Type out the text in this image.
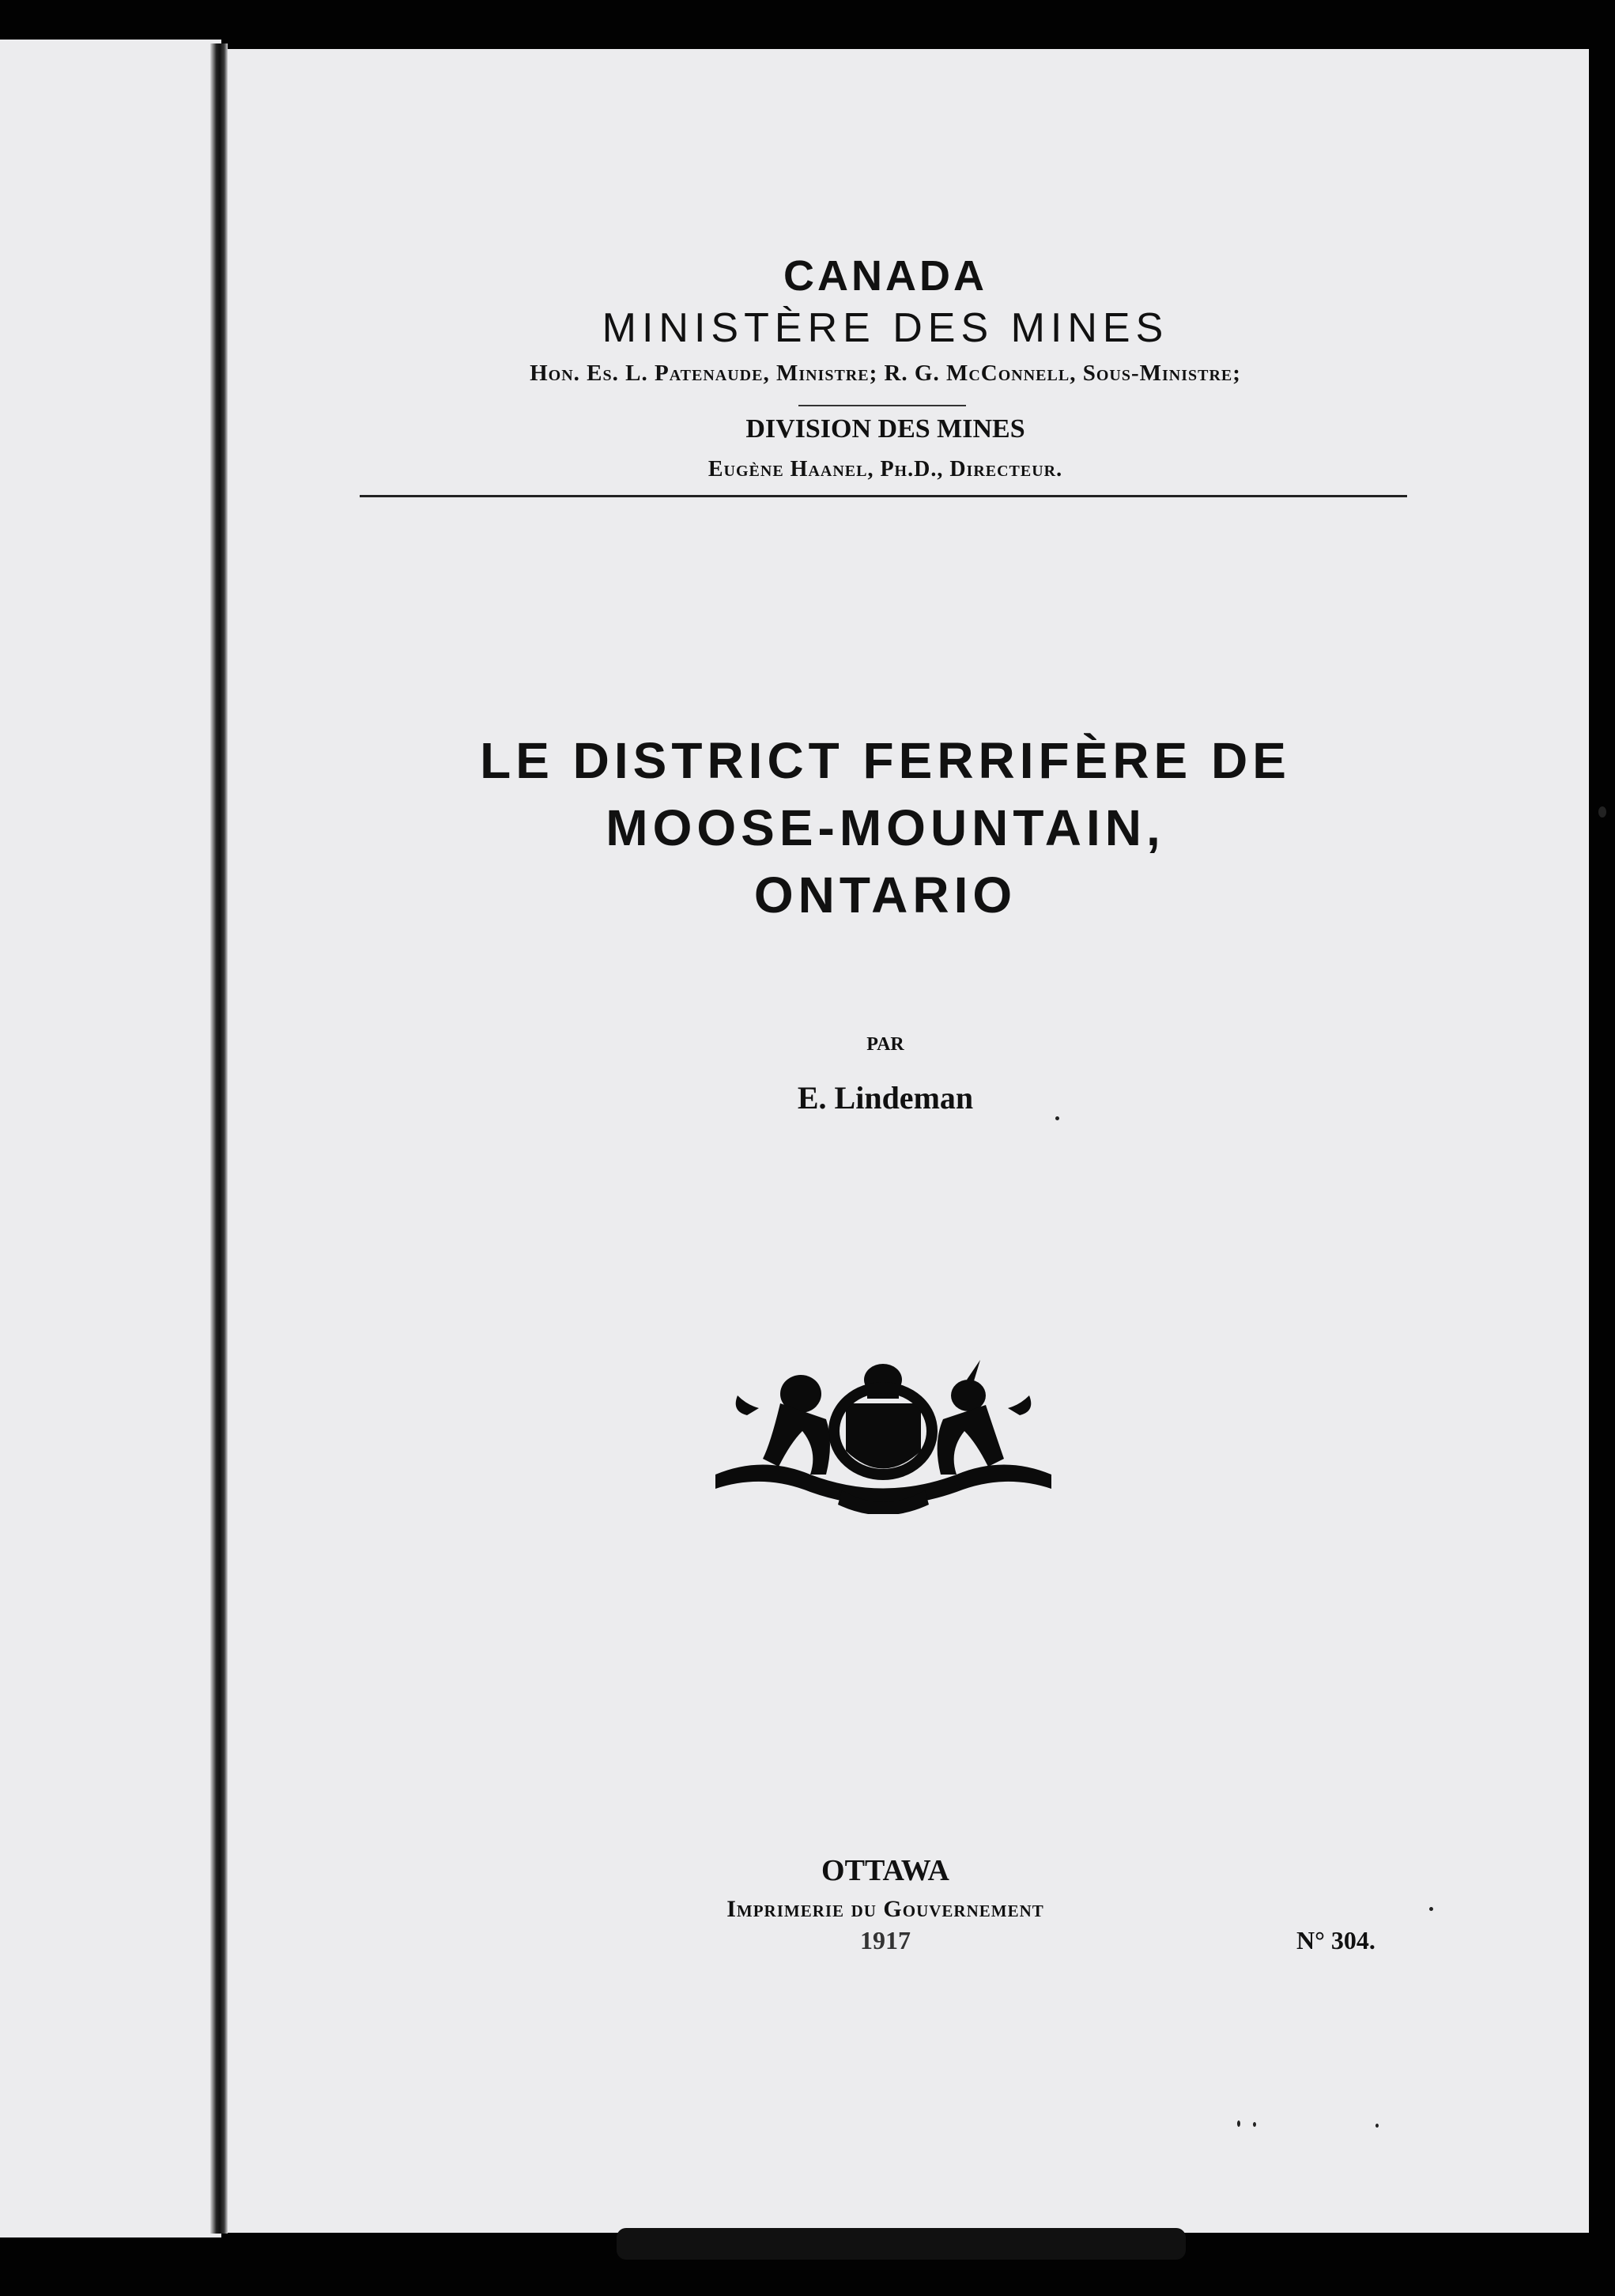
CANADA
MINISTÈRE DES MINES
Hon. Es. L. Patenaude, Ministre; R. G. McConnell, Sous-Ministre;
DIVISION DES MINES
Eugène Haanel, Ph.D., Directeur.
LE DISTRICT FERRIFÈRE DE
MOOSE-MOUNTAIN,
ONTARIO
PAR
E. Lindeman
OTTAWA
Imprimerie du Gouvernement
1917	N° 304.
